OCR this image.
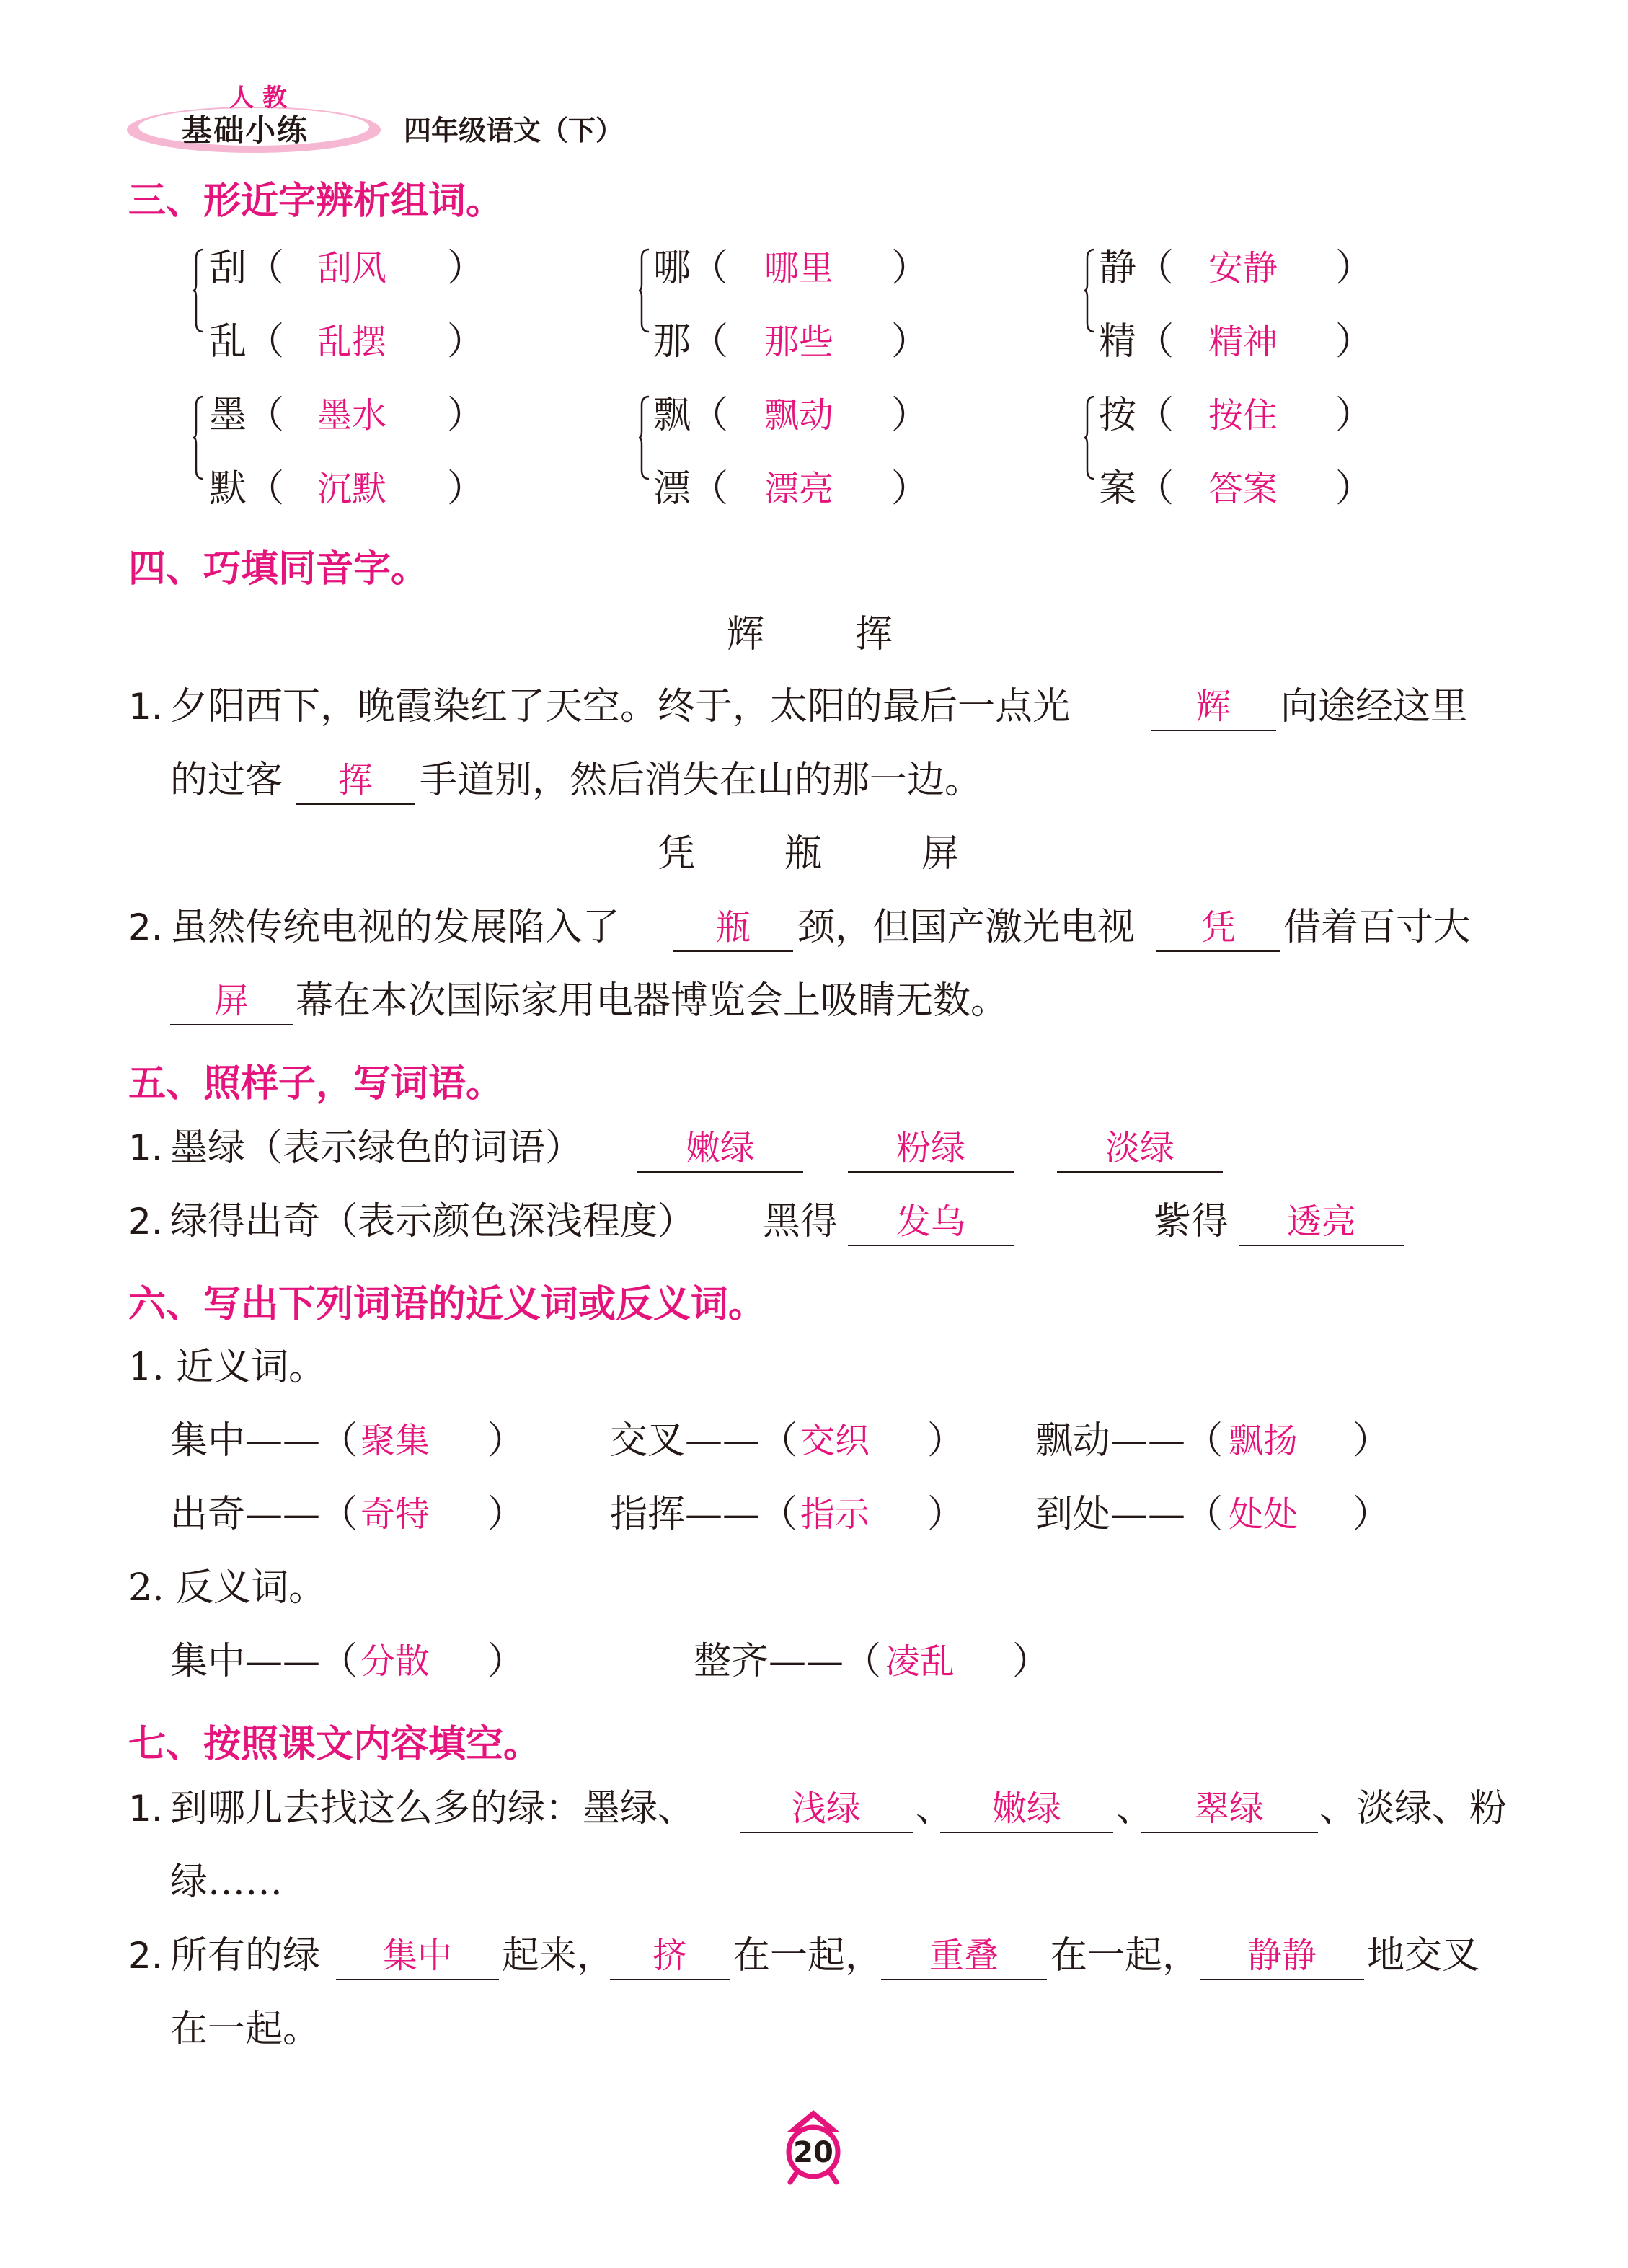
人 教
基础小练	四年级语文（下）
三、形近字辨析组词。
刮（ 刮风 ）
乱（ 乱摆 ）
哪（ 哪里 ）
那（ 那些 ）
静（ 安静 ）
精（ 精神 ）
墨（ 墨水 ）
默（ 沉默 ）
飘（ 飘动 ）
漂（ 漂亮 ）
按（ 按住 ）
案（ 答案 ）
四、巧填同音字。
辉 挥
1. 夕阳西下，晚霞染红了天空。终于，太阳的最后一点光	辉	向途经这里
的过客	挥	手道别，然后消失在山的那一边。
凭 瓶	屏
2. 虽然传统电视的发展陷入了	瓶	颈，但国产激光电视	凭	借着百寸大
屏	幕在本次国际家用电器博览会上吸睛无数。
五、照样子，写词语。
1. 墨绿（表示绿色的词语）	嫩绿	粉绿	淡绿
2. 绿得出奇（表示颜色深浅程度） 黑得	发乌	紫得	透亮
六、写出下列词语的近义词或反义词。
1. 近义词。
集中——（ 聚集 ） 交叉——（ 交织 ） 飘动——（ 飘扬 ）
出奇——（ 奇特 ） 指挥——（ 指示 ） 到处——（ 处处 ）
2. 反义词。
集中——（ 分散 ）	整齐——（ 凌乱 ）
七、按照课文内容填空。
1. 到哪儿去找这么多的绿：墨绿、	浅绿	、	嫩绿	、	翠绿	、淡绿、粉
绿……
2. 所有的绿	集中	起来，	挤	在一起，	重叠	在一起，	静静	地交叉
在一起。
20
